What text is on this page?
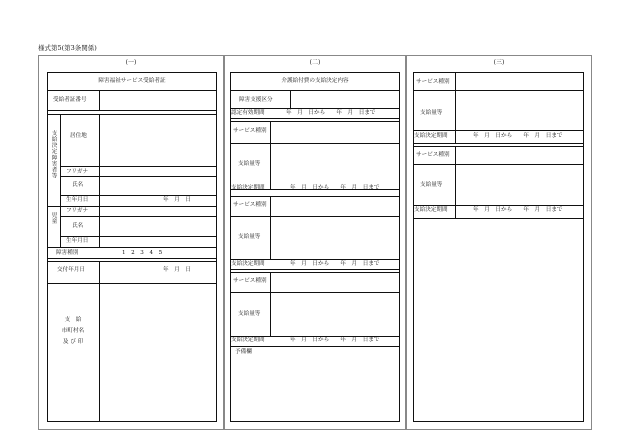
様式第5(第3条関係)
(一)
障害福祉サービス受給者証
受給者証番号
支給決定障害者等 居住地
フリガナ
氏名
生年月日	年　月　日
児童
フリガナ
氏名
生年月日
障害種別	1　2　3　4　5
交付年月日	年　月　日
支　給
市町村名
及 び 印
(二)
介護給付費の支給決定内容
障害支援区分
認定有効期間	年　月　日から　　年　月　日まで
サービス種別
支給量等
支給決定期間	年　月　日から　　年　月　日まで
サービス種別
支給量等
支給決定期間	年　月　日から　　年　月　日まで
サービス種別
支給量等
支給決定期間	年　月　日から　　年　月　日まで
予備欄
(三)
サービス種別
支給量等
支給決定期間	年　月　日から　　年　月　日まで
サービス種別
支給量等
支給決定期間	年　月　日から　　年　月　日まで
